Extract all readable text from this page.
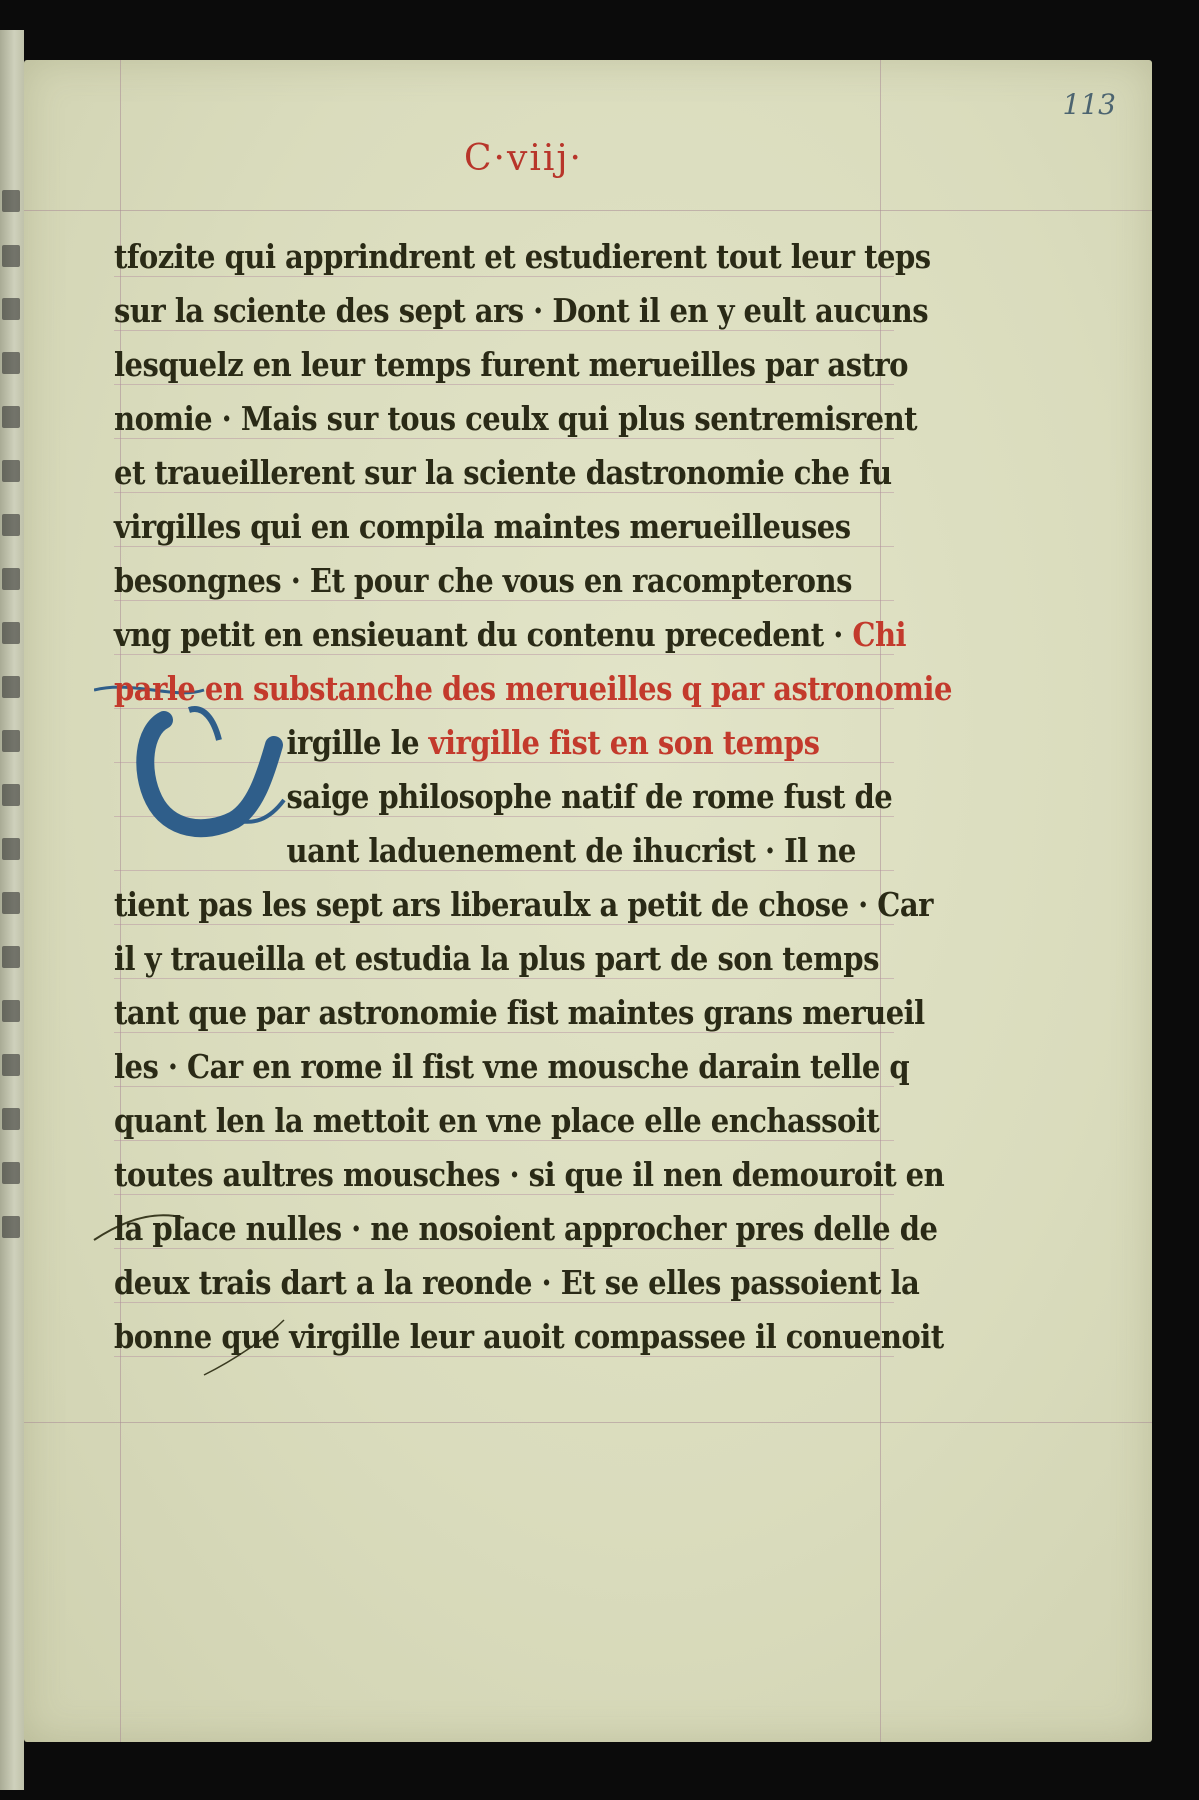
113
C·viij·
tfozite qui apprindrent et estudierent tout leur teps
sur la sciente des sept ars · Dont il en y eult aucuns
lesquelz en leur temps furent merueilles par astro
nomie · Mais sur tous ceulx qui plus sentremisrent
et traueillerent sur la sciente dastronomie che fu
virgilles qui en compila maintes merueilleuses
besongnes · Et pour che vous en racompterons
vng petit en ensieuant du contenu precedent · Chi
parle en substanche des merueilles q par astronomie
irgille le virgille fist en son temps
saige philosophe natif de rome fust de
uant laduenement de ihucrist · Il ne
tient pas les sept ars liberaulx a petit de chose · Car
il y traueilla et estudia la plus part de son temps
tant que par astronomie fist maintes grans merueil
les · Car en rome il fist vne mousche darain telle q
quant len la mettoit en vne place elle enchassoit
toutes aultres mousches · si que il nen demouroit en
la place nulles · ne nosoient approcher pres delle de
deux trais dart a la reonde · Et se elles passoient la
bonne que virgille leur auoit compassee il conuenoit
